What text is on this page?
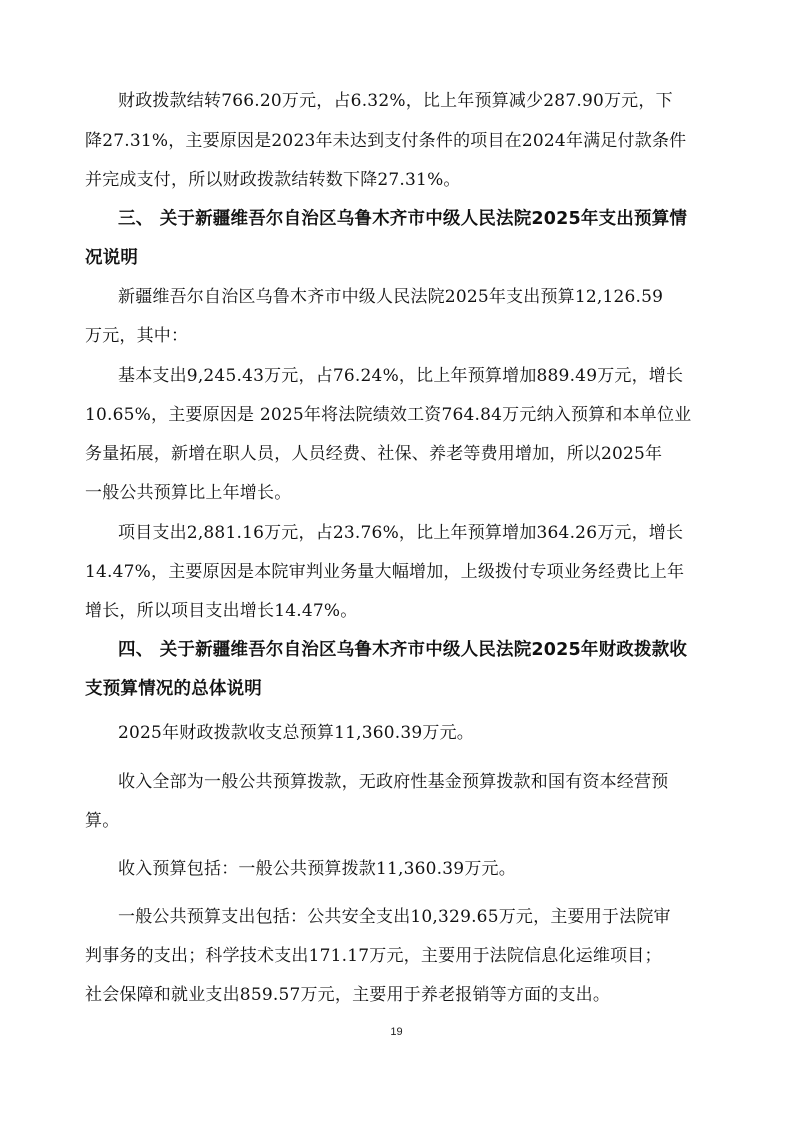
财政拨款结转766.20万元，占6.32%，比上年预算减少287.90万元，下
降27.31%，主要原因是2023年未达到支付条件的项目在2024年满足付款条件
并完成支付，所以财政拨款结转数下降27.31%。
三、 关于新疆维吾尔自治区乌鲁木齐市中级人民法院2025年支出预算情
况说明
新疆维吾尔自治区乌鲁木齐市中级人民法院2025年支出预算12,126.59
万元，其中：
基本支出9,245.43万元，占76.24%，比上年预算增加889.49万元，增长
10.65%，主要原因是 2025年将法院绩效工资764.84万元纳入预算和本单位业
务量拓展，新增在职人员，人员经费、社保、养老等费用增加，所以2025年
一般公共预算比上年增长。
项目支出2,881.16万元，占23.76%，比上年预算增加364.26万元，增长
14.47%，主要原因是本院审判业务量大幅增加，上级拨付专项业务经费比上年
增长，所以项目支出增长14.47%。
四、 关于新疆维吾尔自治区乌鲁木齐市中级人民法院2025年财政拨款收
支预算情况的总体说明
2025年财政拨款收支总预算11,360.39万元。
收入全部为一般公共预算拨款，无政府性基金预算拨款和国有资本经营预
算。
收入预算包括：一般公共预算拨款11,360.39万元。
一般公共预算支出包括：公共安全支出10,329.65万元，主要用于法院审
判事务的支出；科学技术支出171.17万元，主要用于法院信息化运维项目；
社会保障和就业支出859.57万元，主要用于养老报销等方面的支出。
19
